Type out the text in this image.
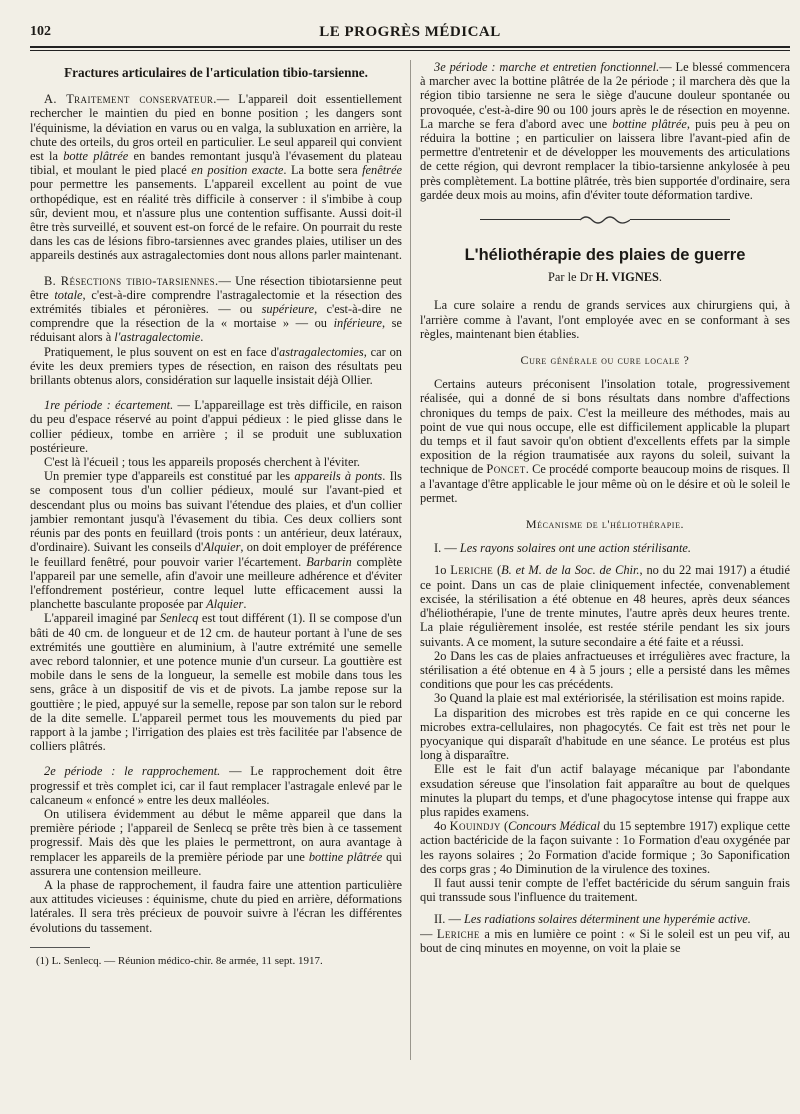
102	LE PROGRÈS MÉDICAL
Fractures articulaires de l'articulation tibio-tarsienne.

A. Traitement conservateur.— L'appareil doit essentiellement rechercher le maintien du pied en bonne position ; les dangers sont l'équinisme, la déviation en varus ou en valga, la subluxation en arrière, la chute des orteils, du gros orteil en particulier. Le seul appareil qui convient est la botte plâtrée en bandes remontant jusqu'à l'évasement du plateau tibial, et moulant le pied placé en position exacte. La botte sera fenêtrée pour permettre les pansements. L'appareil excellent au point de vue orthopédique, est en réalité très difficile à conserver : il s'imbibe à coup sûr, devient mou, et n'assure plus une contention suffisante. Aussi doit-il être très surveillé, et souvent est-on forcé de le refaire. On pourrait du reste dans les cas de lésions fibro-tarsiennes avec grandes plaies, utiliser un des appareils destinés aux astragalectomies dont nous allons parler maintenant.

B. Résections tibio-tarsiennes.— Une résection tibiotarsienne peut être totale, c'est-à-dire comprendre l'astragalectomie et la résection des extrémités tibiales et péronières. — ou supérieure, c'est-à-dire ne comprendre que la résection de la « mortaise » — ou inférieure, se réduisant alors à l'astragalectomie.

Pratiquement, le plus souvent on est en face d'astragalectomies, car on évite les deux premiers types de résection, en raison des résultats peu brillants obtenus alors, considération sur laquelle insistait déjà Ollier.

1re période : écartement. — L'appareillage est très difficile, en raison du peu d'espace réservé au point d'appui pédieux : le pied glisse dans le collier pédieux, tombe en arrière ; il se produit une subluxation postérieure.

C'est là l'écueil ; tous les appareils proposés cherchent à l'éviter.

Un premier type d'appareils est constitué par les appareils à ponts. Ils se composent tous d'un collier pédieux, moulé sur l'avant-pied et descendant plus ou moins bas suivant l'étendue des plaies, et d'un collier jambier remontant jusqu'à l'évasement du tibia. Ces deux colliers sont réunis par des ponts en feuillard (trois ponts : un antérieur, deux latéraux, d'ordinaire). Suivant les conseils d'Alquier, on doit employer de préférence le feuillard fenêtré, pour pouvoir varier l'écartement. Barbarin complète l'appareil par une semelle, afin d'avoir une meilleure adhérence et d'éviter l'effondrement postérieur, contre lequel lutte efficacement aussi la planchette basculante proposée par Alquier.

L'appareil imaginé par Senlecq est tout différent (1). Il se compose d'un bâti de 40 cm. de longueur et de 12 cm. de hauteur portant à l'une de ses extrémités une gouttière en aluminium, à l'autre extrémité une semelle avec rebord talonnier, et une potence munie d'un curseur. La gouttière est mobile dans le sens de la longueur, la semelle est mobile dans tous les sens, grâce à un dispositif de vis et de pivots. La jambe repose sur la gouttière ; le pied, appuyé sur la semelle, repose par son talon sur le rebord de la dite semelle. L'appareil permet tous les mouvements du pied par rapport à la jambe ; l'irrigation des plaies est très facilitée par l'absence de colliers plâtrés.

2e période : le rapprochement. — Le rapprochement doit être progressif et très complet ici, car il faut remplacer l'astragale enlevé par le calcaneum « enfoncé » entre les deux malléoles.

On utilisera évidemment au début le même appareil que dans la première période ; l'appareil de Senlecq se prête très bien à ce tassement progressif. Mais dès que les plaies le permettront, on aura avantage à remplacer les appareils de la première période par une bottine plâtrée qui assurera une contension meilleure.

A la phase de rapprochement, il faudra faire une attention particulière aux attitudes vicieuses : équinisme, chute du pied en arrière, déformations latérales. Il sera très précieux de pouvoir suivre à l'écran les différentes évolutions du tassement.

(1) L. Senlecq. — Réunion médico-chir. 8e armée, 11 sept. 1917.

3e période : marche et entretien fonctionnel.— Le blessé commencera à marcher avec la bottine plâtrée de la 2e période ; il marchera dès que la région tibio tarsienne ne sera le siège d'aucune douleur spontanée ou provoquée, c'est-à-dire 90 ou 100 jours après le de résection en moyenne. La marche se fera d'abord avec une bottine plâtrée, puis peu à peu on réduira la bottine ; en particulier on laissera libre l'avant-pied afin de permettre d'entretenir et de développer les mouvements des articulations de cette région, qui devront remplacer la tibio-tarsienne ankylosée à peu près complètement. La bottine plâtrée, très bien supportée d'ordinaire, sera gardée deux mois au moins, afin d'éviter toute déformation tardive.

L'héliothérapie des plaies de guerre
Par le Dr H. VIGNES.

La cure solaire a rendu de grands services aux chirurgiens qui, à l'arrière comme à l'avant, l'ont employée avec en se conformant à ses règles, maintenant bien établies.

Cure générale ou cure locale ?

Certains auteurs préconisent l'insolation totale, progressivement réalisée, qui a donné de si bons résultats dans nombre d'affections chroniques du temps de paix. C'est la meilleure des méthodes, mais au point de vue qui nous occupe, elle est difficilement applicable la plupart du temps et il faut savoir qu'on obtient d'excellents effets par la simple exposition de la région traumatisée aux rayons du soleil, suivant la technique de Poncet. Ce procédé comporte beaucoup moins de risques. Il a l'avantage d'être applicable le jour même où on le désire et où le soleil le permet.

Mécanisme de l'héliothérapie.

I. — Les rayons solaires ont une action stérilisante.

1o Leriche (B. et M. de la Soc. de Chir., no du 22 mai 1917) a étudié ce point. Dans un cas de plaie cliniquement infectée, convenablement excisée, la stérilisation a été obtenue en 48 heures, après deux séances d'héliothérapie, l'une de trente minutes, l'autre après deux heures trente. La plaie régulièrement insolée, est restée stérile pendant les six jours suivants. A ce moment, la suture secondaire a été faite et a réussi.

2o Dans les cas de plaies anfractueuses et irrégulières avec fracture, la stérilisation a été obtenue en 4 à 5 jours ; elle a persisté dans les mêmes conditions que pour les cas précédents.

3o Quand la plaie est mal extériorisée, la stérilisation est moins rapide.

La disparition des microbes est très rapide en ce qui concerne les microbes extra-cellulaires, non phagocytés. Ce fait est très net pour le pyocyanique qui disparaît d'habitude en une séance. Le protéus est plus long à disparaître.

Elle est le fait d'un actif balayage mécanique par l'abondante exsudation séreuse que l'insolation fait apparaître au bout de quelques minutes la plupart du temps, et d'une phagocytose intense qui frappe aux plus rapides examens.

4o Kouindjy (Concours Médical du 15 septembre 1917) explique cette action bactéricide de la façon suivante : 1o Formation d'eau oxygénée par les rayons solaires ; 2o Formation d'acide formique ; 3o Saponification des corps gras ; 4o Diminution de la virulence des toxines.

Il faut aussi tenir compte de l'effet bactéricide du sérum sanguin frais qui transsude sous l'influence du traitement.

II. — Les radiations solaires déterminent une hyperémie active.

— Leriche a mis en lumière ce point : « Si le soleil est un peu vif, au bout de cinq minutes en moyenne, on voit la plaie se
